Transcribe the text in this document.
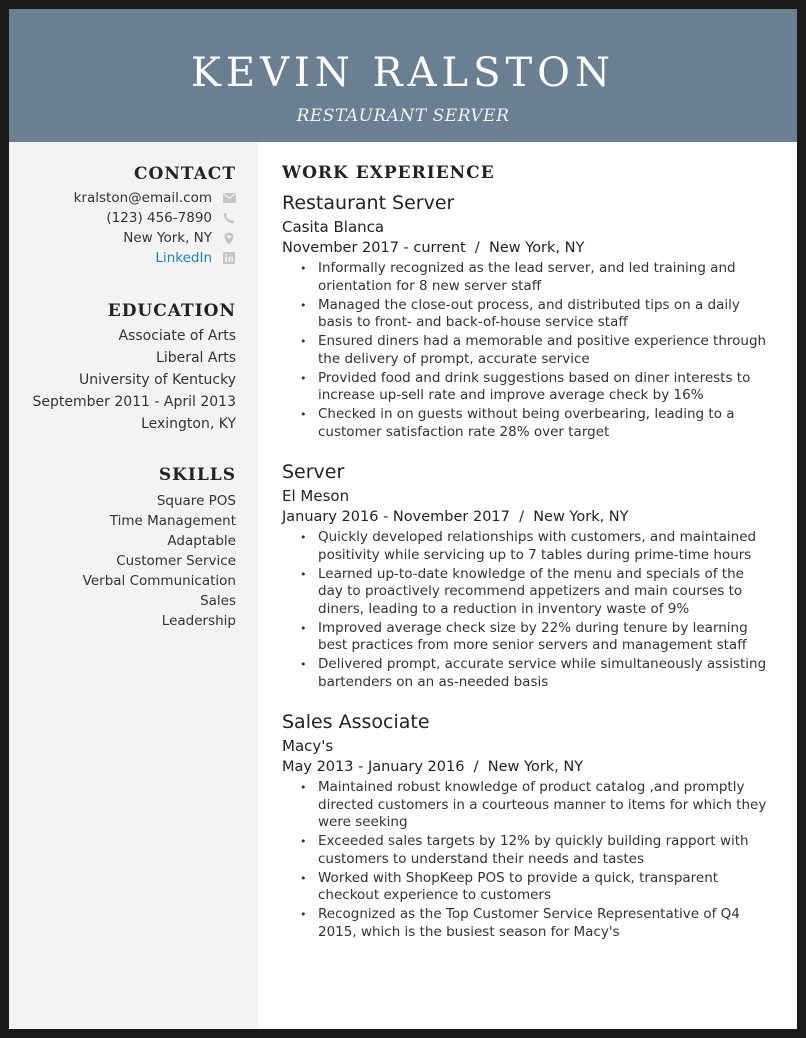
KEVIN RALSTON
RESTAURANT SERVER
CONTACT
kralston@email.com
(123) 456-7890
New York, NY
LinkedIn
EDUCATION
Associate of Arts
Liberal Arts
University of Kentucky
September 2011 - April 2013
Lexington, KY
SKILLS
Square POS
Time Management
Adaptable
Customer Service
Verbal Communication
Sales
Leadership
WORK EXPERIENCE
Restaurant Server
Casita Blanca
November 2017 - current  /  New York, NY
• Informally recognized as the lead server, and led training and orientation for 8 new server staff
• Managed the close-out process, and distributed tips on a daily basis to front- and back-of-house service staff
• Ensured diners had a memorable and positive experience through the delivery of prompt, accurate service
• Provided food and drink suggestions based on diner interests to increase up-sell rate and improve average check by 16%
• Checked in on guests without being overbearing, leading to a customer satisfaction rate 28% over target
Server
El Meson
January 2016 - November 2017  /  New York, NY
• Quickly developed relationships with customers, and maintained positivity while servicing up to 7 tables during prime-time hours
• Learned up-to-date knowledge of the menu and specials of the day to proactively recommend appetizers and main courses to diners, leading to a reduction in inventory waste of 9%
• Improved average check size by 22% during tenure by learning best practices from more senior servers and management staff
• Delivered prompt, accurate service while simultaneously assisting bartenders on an as-needed basis
Sales Associate
Macy's
May 2013 - January 2016  /  New York, NY
• Maintained robust knowledge of product catalog ,and promptly directed customers in a courteous manner to items for which they were seeking
• Exceeded sales targets by 12% by quickly building rapport with customers to understand their needs and tastes
• Worked with ShopKeep POS to provide a quick, transparent checkout experience to customers
• Recognized as the Top Customer Service Representative of Q4 2015, which is the busiest season for Macy's
